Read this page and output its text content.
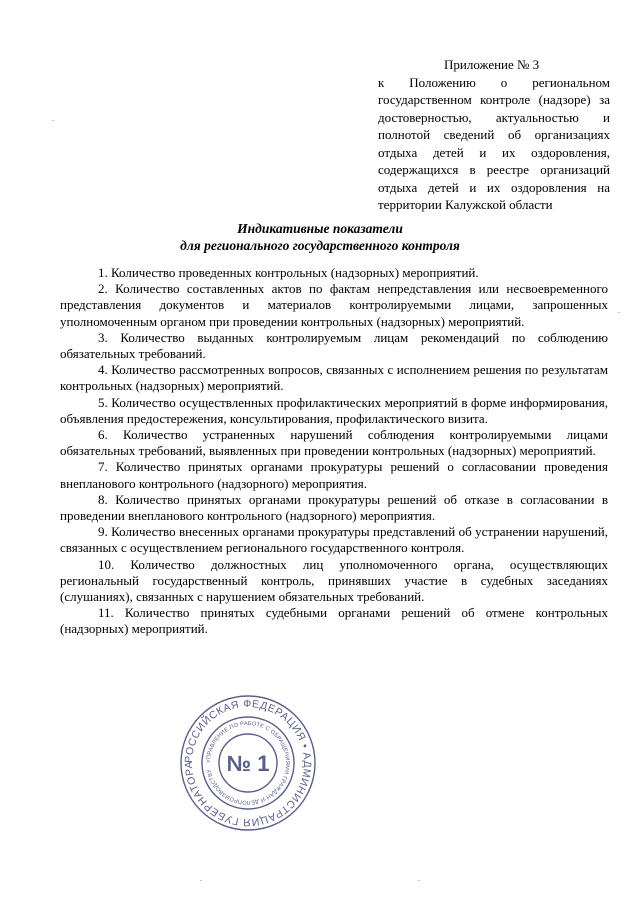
Приложение № 3
к Положению о региональном государственном контроле (надзоре) за достоверностью, актуальностью и полнотой сведений об организациях отдыха детей и их оздоровления, содержащихся в реестре организаций отдыха детей и их оздоровления на территории Калужской области
Индикативные показатели
для регионального государственного контроля

1. Количество проведенных контрольных (надзорных) мероприятий.

2. Количество составленных актов по фактам непредставления или несвоевременного представления документов и материалов контролируемыми лицами, запрошенных уполномоченным органом при проведении контрольных (надзорных) мероприятий.

3. Количество выданных контролируемым лицам рекомендаций по соблюдению обязательных требований.

4. Количество рассмотренных вопросов, связанных с исполнением решения по результатам контрольных (надзорных) мероприятий.

5. Количество осуществленных профилактических мероприятий в форме информирования, объявления предостережения, консультирования, профилактического визита.

6. Количество устраненных нарушений соблюдения контролируемыми лицами обязательных требований, выявленных при проведении контрольных (надзорных) мероприятий.

7. Количество принятых органами прокуратуры решений о согласовании проведения внепланового контрольного (надзорного) мероприятия.

8. Количество принятых органами прокуратуры решений об отказе в согласовании в проведении внепланового контрольного (надзорного) мероприятия.

9. Количество внесенных органами прокуратуры представлений об устранении нарушений, связанных с осуществлением регионального государственного контроля.

10. Количество должностных лиц уполномоченного органа, осуществляющих региональный государственный контроль, принявших участие в судебных заседаниях (слушаниях), связанных с нарушением обязательных требований.

11. Количество принятых судебными органами решений об отмене контрольных (надзорных) мероприятий.

РОССИЙСКАЯ ФЕДЕРАЦИЯ • АДМИНИСТРАЦИЯ ГУБЕРНАТОРА	УПРАВЛЕНИЕ ПО РАБОТЕ С ОБРАЩЕНИЯМИ ГРАЖДАН И ДЕЛОПРОИЗВОДСТВУ № 1
